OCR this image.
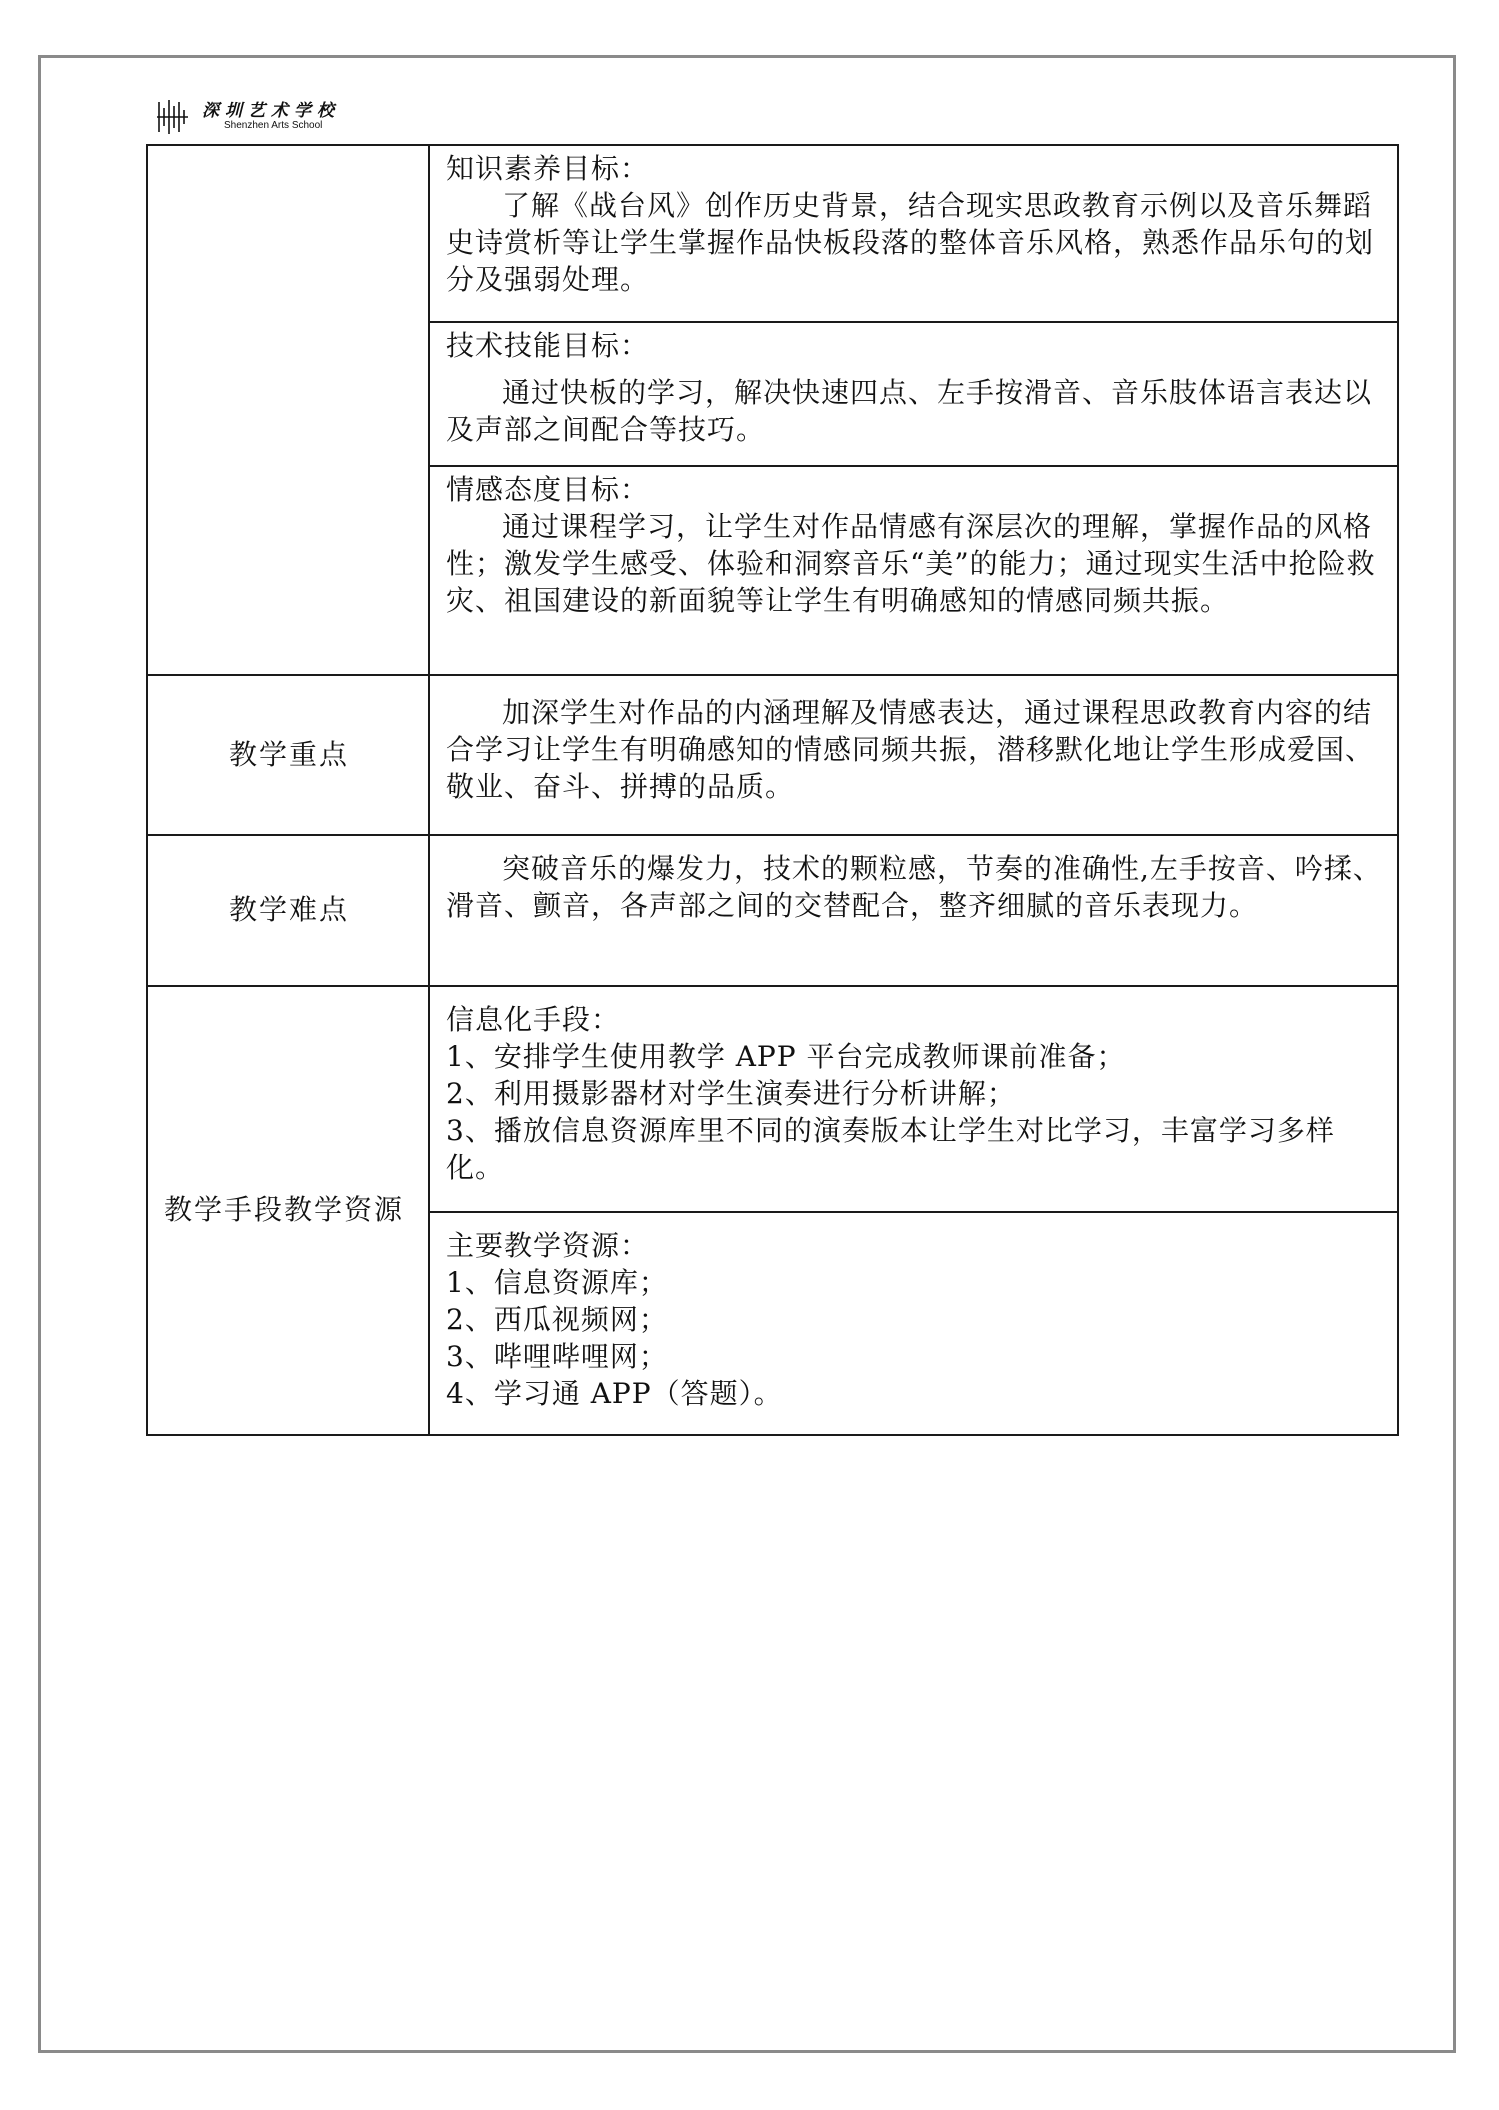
深圳艺术学校
Shenzhen Arts School

	知识素养目标：
了解《战台风》创作历史背景，结合现实思政教育示例以及音乐舞蹈史诗赏析等让学生掌握作品快板段落的整体音乐风格，熟悉作品乐句的划分及强弱处理。

	技术技能目标：
通过快板的学习，解决快速四点、左手按滑音、音乐肢体语言表达以及声部之间配合等技巧。

	情感态度目标：
通过课程学习，让学生对作品情感有深层次的理解，掌握作品的风格性；激发学生感受、体验和洞察音乐“美”的能力；通过现实生活中抢险救灾、祖国建设的新面貌等让学生有明确感知的情感同频共振。

教学重点	加深学生对作品的内涵理解及情感表达，通过课程思政教育内容的结合学习让学生有明确感知的情感同频共振，潜移默化地让学生形成爱国、敬业、奋斗、拼搏的品质。

教学难点	突破音乐的爆发力，技术的颗粒感，节奏的准确性,左手按音、吟揉、滑音、颤音，各声部之间的交替配合，整齐细腻的音乐表现力。

教学手段教学资源	信息化手段：
1、安排学生使用教学 APP 平台完成教师课前准备；
2、利用摄影器材对学生演奏进行分析讲解；
3、播放信息资源库里不同的演奏版本让学生对比学习，丰富学习多样化。

	主要教学资源：
1、信息资源库；
2、西瓜视频网；
3、哔哩哔哩网；
4、学习通 APP（答题）。
